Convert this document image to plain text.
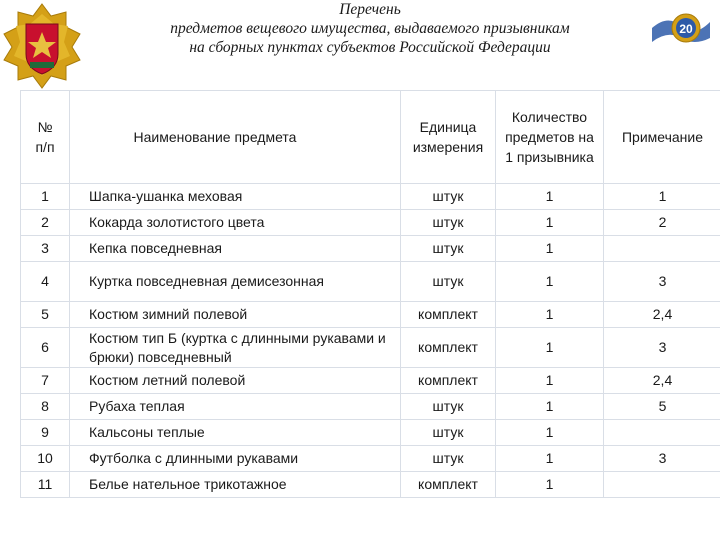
Перечень
предметов вещевого имущества, выдаваемого призывникам
на сборных пунктах субъектов Российской Федерации
20
№ п/п	Наименование предмета	Единица измерения	Количество предметов на 1 призывника	Примечание
1	Шапка-ушанка меховая	штук	1	1
2	Кокарда золотистого цвета	штук	1	2
3	Кепка повседневная	штук	1	
4	Куртка повседневная демисезонная	штук	1	3
5	Костюм зимний полевой	комплект	1	2,4
6	Костюм тип Б (куртка с длинными рукавами и брюки) повседневный	комплект	1	3
7	Костюм летний полевой	комплект	1	2,4
8	Рубаха теплая	штук	1	5
9	Кальсоны теплые	штук	1	
10	Футболка с длинными рукавами	штук	1	3
11	Белье нательное трикотажное	комплект	1	
